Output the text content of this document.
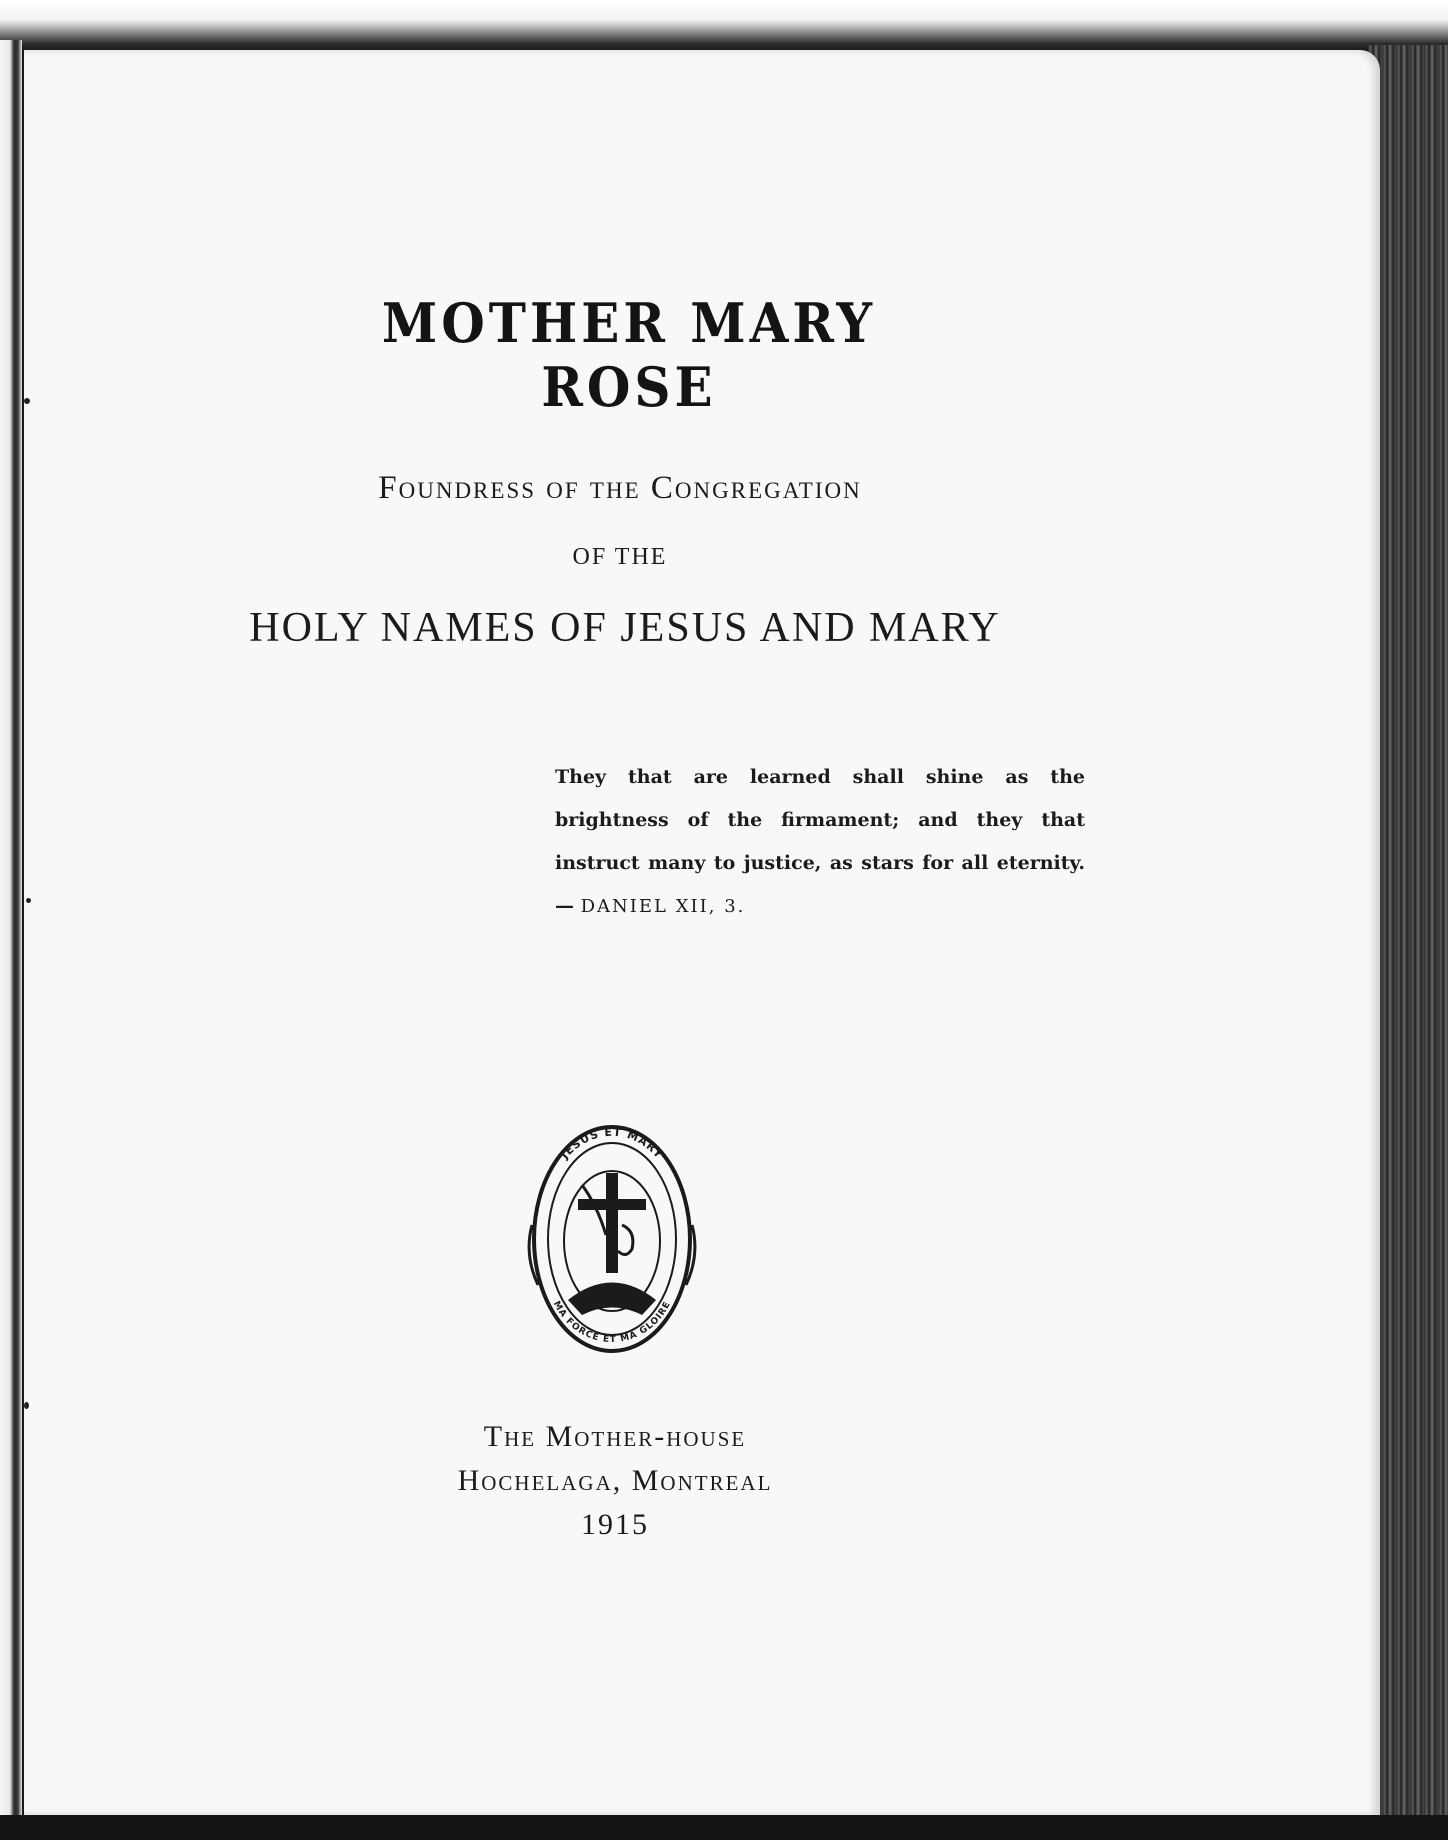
MOTHER MARY ROSE
Foundress of the Congregation
OF THE
HOLY NAMES OF JESUS AND MARY
They that are learned shall shine as the brightness of the firmament; and they that instruct many to justice, as stars for all eternity. — DANIEL XII, 3.
JESUS ET MARY
MA FORCE ET MA GLOIRE
The Mother-house
Hochelaga, Montreal
1915
